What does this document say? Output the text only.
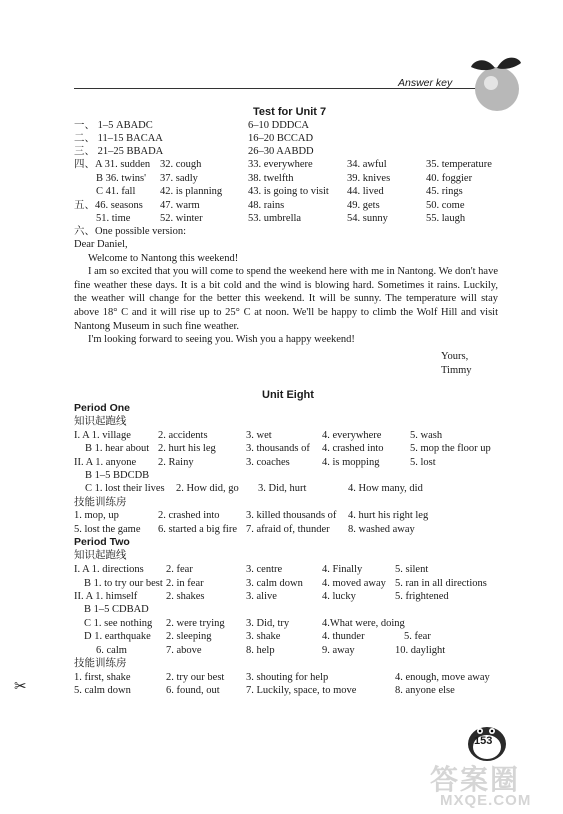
Answer key
Test for Unit 7
一、 1–5 ABADC	6–10 DDDCA
二、 11–15 BACAA	16–20 BCCAD
三、 21–25 BBADA	26–30 AABDD
四、A 31. sudden 32. cough	33. everywhere	34. awful	35. temperature
B 36. twins' 37. sadly	38. twelfth	39. knives	40. foggier
C 41. fall 42. is planning 43. is going to visit 44. lived	45. rings
五、46. seasons 47. warm	48. rains	49. gets	50. come
51. time	52. winter	53. umbrella	54. sunny	55. laugh
六、One possible version:

Dear Daniel,

Welcome to Nantong this weekend!

I am so excited that you will come to spend the weekend here with me in Nantong. We don't have fine weather these days. It is a bit cold and the wind is blowing hard. Sometimes it rains. Luckily, the weather will change for the better this weekend. It will be sunny. The temperature will stay above 18° C and it will rise up to 25° C at noon. We'll be happy to climb the Wolf Hill and visit Nantong Museum in such fine weather.

I'm looking forward to seeing you. Wish you a happy weekend!

Yours,
Timmy
Unit Eight
Period One
知识起跑线
I. A 1. village	2. accidents	3. wet	4. everywhere	5. wash
B 1. hear about 2. hurt his leg	3. thousands of 4. crashed into	5. mop the floor up
II. A 1. anyone 2. Rainy	3. coaches	4. is mopping	5. lost
B 1–5 BDCDB
C 1. lost their lives 2. How did, go 3. Did, hurt	4. How many, did
技能训练房
1. mop, up	2. crashed into	3. killed thousands of 4. hurt his right leg
5. lost the game 6. started a big fire 7. afraid of, thunder 8. washed away
Period Two
知识起跑线
I. A 1. directions 2. fear	3. centre	4. Finally	5. silent
B 1. to try our best 2. in fear	3. calm down 4. moved away 5. ran in all directions
II. A 1. himself	2. shakes	3. alive	4. lucky	5. frightened
B 1–5 CDBAD
C 1. see nothing 2. were trying 3. Did, try	4.What were, doing
D 1. earthquake 2. sleeping	3. shake	4. thunder	5. fear
6. calm	7. above	8. help	9. away	10. daylight
技能训练房
1. first, shake	2. try our best 3. shouting for help	4. enough, move away
5. calm down	6. found, out	7. Luckily, space, to move	8. anyone else
✂
153
答案圈
MXQE.COM
